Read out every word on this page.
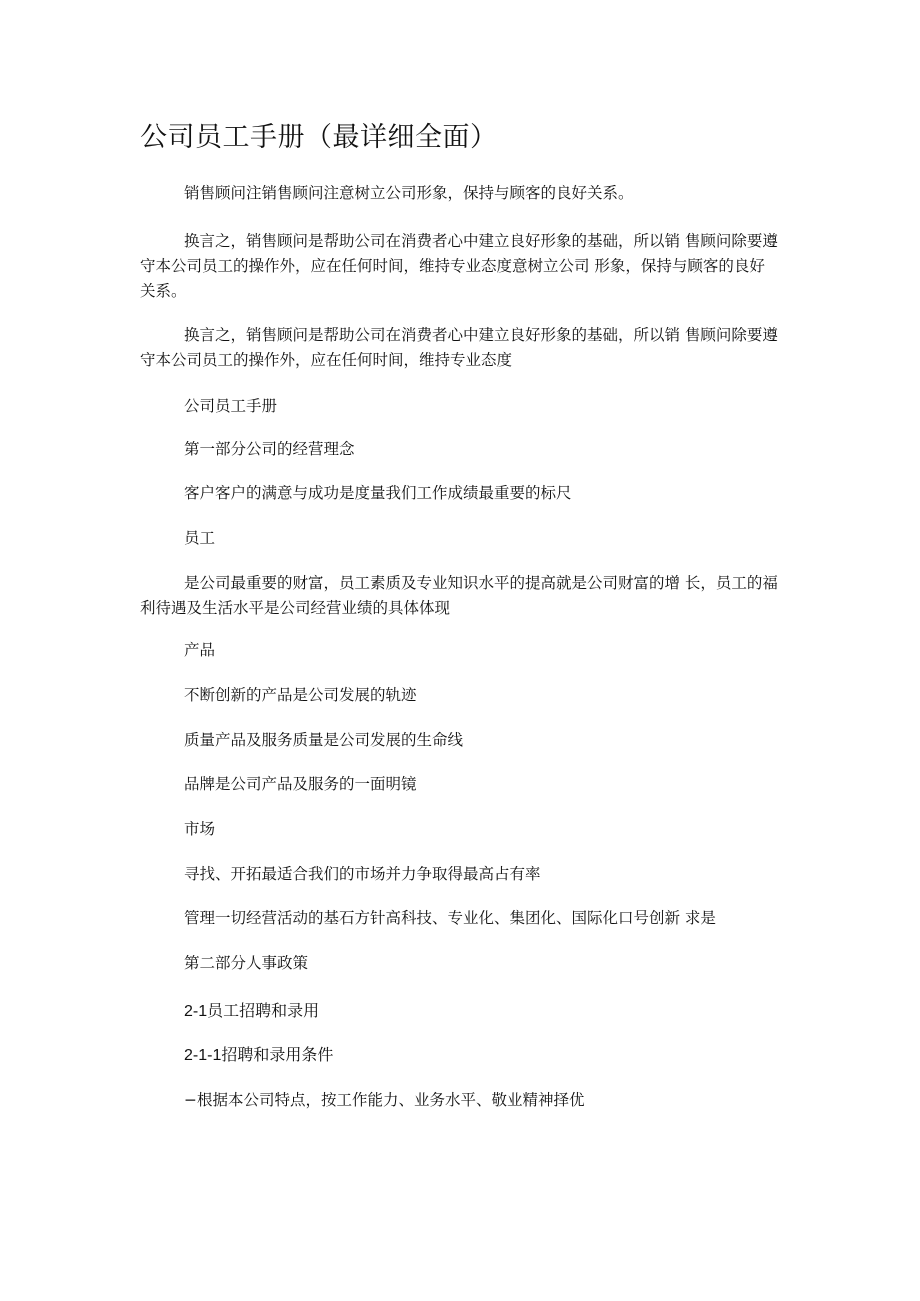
公司员工手册（最详细全面）
销售顾问注销售顾问注意树立公司形象，保持与顾客的良好关系。
换言之，销售顾问是帮助公司在消费者心中建立良好形象的基础，所以销 售顾问除要遵守本公司员工的操作外，应在任何时间，维持专业态度意树立公司 形象，保持与顾客的良好关系。
换言之，销售顾问是帮助公司在消费者心中建立良好形象的基础，所以销 售顾问除要遵守本公司员工的操作外，应在任何时间，维持专业态度
公司员工手册
第一部分公司的经营理念
客户客户的满意与成功是度量我们工作成绩最重要的标尺
员工
是公司最重要的财富，员工素质及专业知识水平的提高就是公司财富的增 长，员工的福利待遇及生活水平是公司经营业绩的具体体现
产品
不断创新的产品是公司发展的轨迹
质量产品及服务质量是公司发展的生命线
品牌是公司产品及服务的一面明镜
市场
寻找、开拓最适合我们的市场并力争取得最高占有率
管理一切经营活动的基石方针高科技、专业化、集团化、国际化口号创新 求是
第二部分人事政策
2-1员工招聘和录用
2-1-1招聘和录用条件
−根据本公司特点，按工作能力、业务水平、敬业精神择优
